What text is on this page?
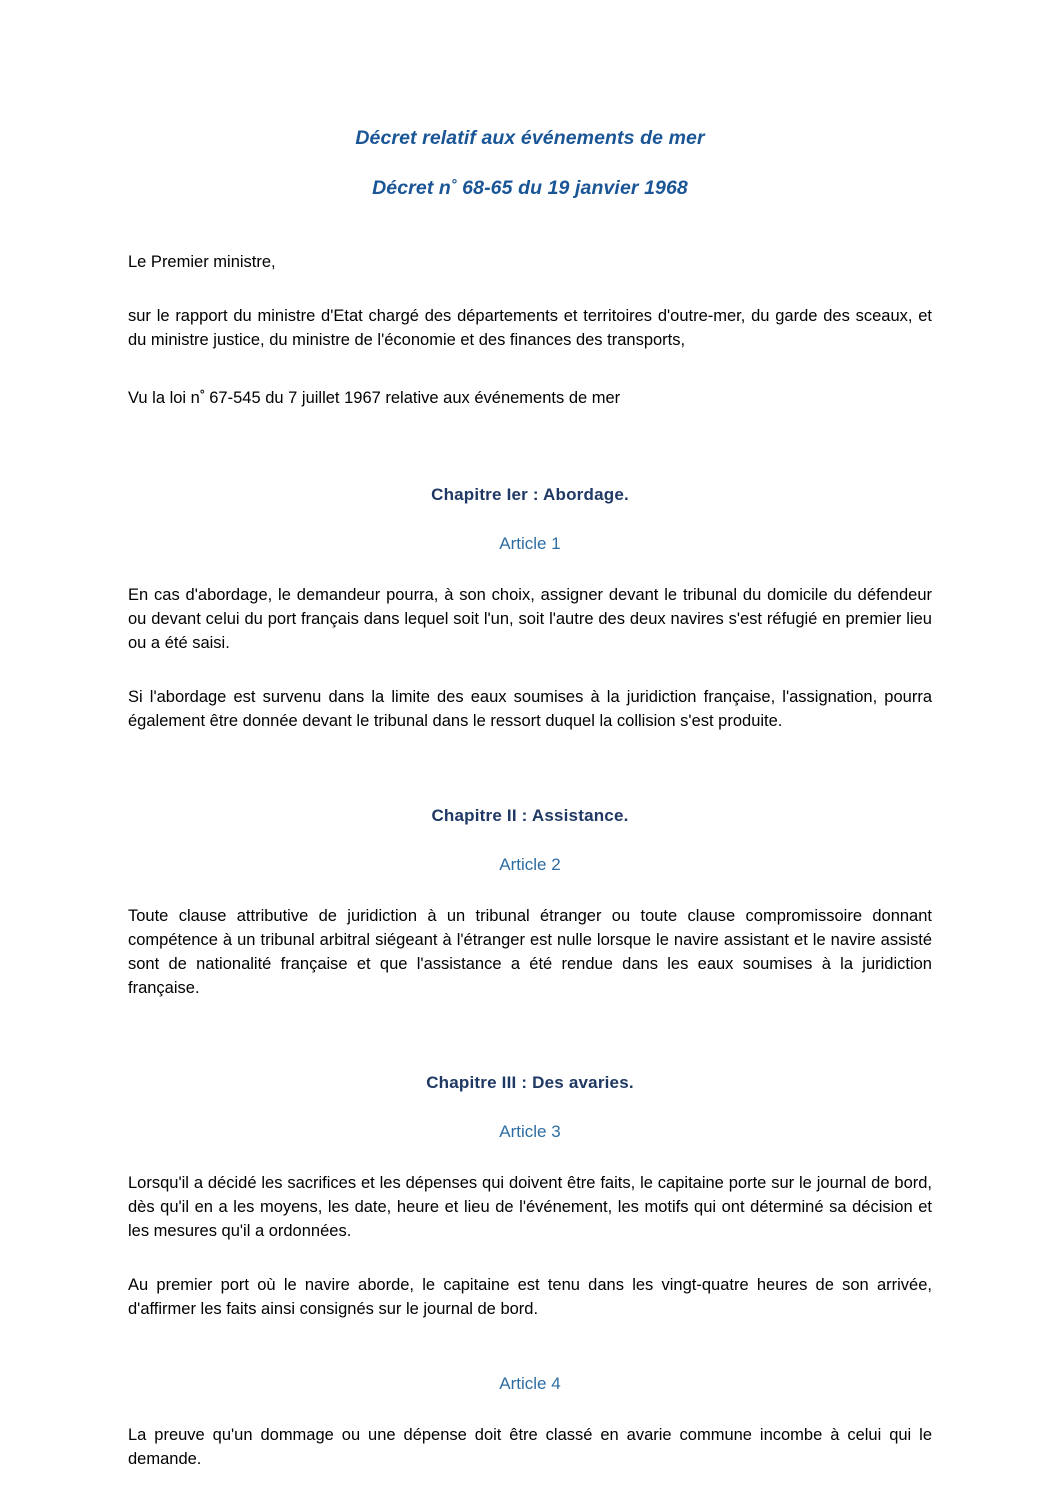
Décret relatif aux événements de mer
Décret n° 68-65 du 19 janvier 1968

Le Premier ministre,

sur le rapport du ministre d'Etat chargé des départements et territoires d'outre-mer, du garde des sceaux, et du ministre justice, du ministre de l'économie et des finances des transports,

Vu la loi n° 67-545 du 7 juillet 1967 relative aux événements de mer

Chapitre Ier : Abordage.
Article 1

En cas d'abordage, le demandeur pourra, à son choix, assigner devant le tribunal du domicile du défendeur ou devant celui du port français dans lequel soit l'un, soit l'autre des deux navires s'est réfugié en premier lieu ou a été saisi.

Si l'abordage est survenu dans la limite des eaux soumises à la juridiction française, l'assignation, pourra également être donnée devant le tribunal dans le ressort duquel la collision s'est produite.

Chapitre II : Assistance.
Article 2

Toute clause attributive de juridiction à un tribunal étranger ou toute clause compromissoire donnant compétence à un tribunal arbitral siégeant à l'étranger est nulle lorsque le navire assistant et le navire assisté sont de nationalité française et que l'assistance a été rendue dans les eaux soumises à la juridiction française.

Chapitre III : Des avaries.
Article 3

Lorsqu'il a décidé les sacrifices et les dépenses qui doivent être faits, le capitaine porte sur le journal de bord, dès qu'il en a les moyens, les date, heure et lieu de l'événement, les motifs qui ont déterminé sa décision et les mesures qu'il a ordonnées.

Au premier port où le navire aborde, le capitaine est tenu dans les vingt-quatre heures de son arrivée, d'affirmer les faits ainsi consignés sur le journal de bord.

Article 4

La preuve qu'un dommage ou une dépense doit être classé en avarie commune incombe à celui qui le demande.
